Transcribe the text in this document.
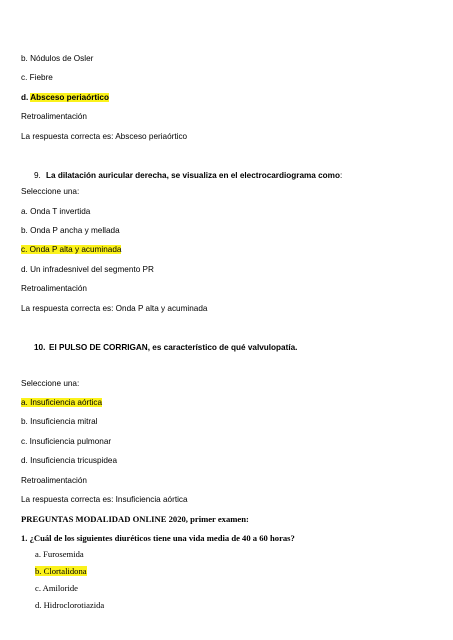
b. Nódulos de Osler
c. Fiebre
d. Absceso periaórtico
Retroalimentación
La respuesta correcta es: Absceso periaórtico
9. La dilatación auricular derecha, se visualiza en el electrocardiograma como:
Seleccione una:
a. Onda T invertida
b. Onda P ancha y mellada
c. Onda P alta y acuminada
d. Un infradesnivel del segmento PR
Retroalimentación
La respuesta correcta es: Onda P alta y acuminada
10. El PULSO DE CORRIGAN, es característico de qué valvulopatía.
Seleccione una:
a. Insuficiencia aórtica
b. Insuficiencia mitral
c. Insuficiencia pulmonar
d. Insuficiencia tricuspidea
Retroalimentación
La respuesta correcta es: Insuficiencia aórtica
PREGUNTAS MODALIDAD ONLINE 2020, primer examen:
1. ¿Cuál de los siguientes diuréticos tiene una vida media de 40 a 60 horas?
a. Furosemida
b. Clortalidona
c. Amiloride
d. Hidroclorotiazida
